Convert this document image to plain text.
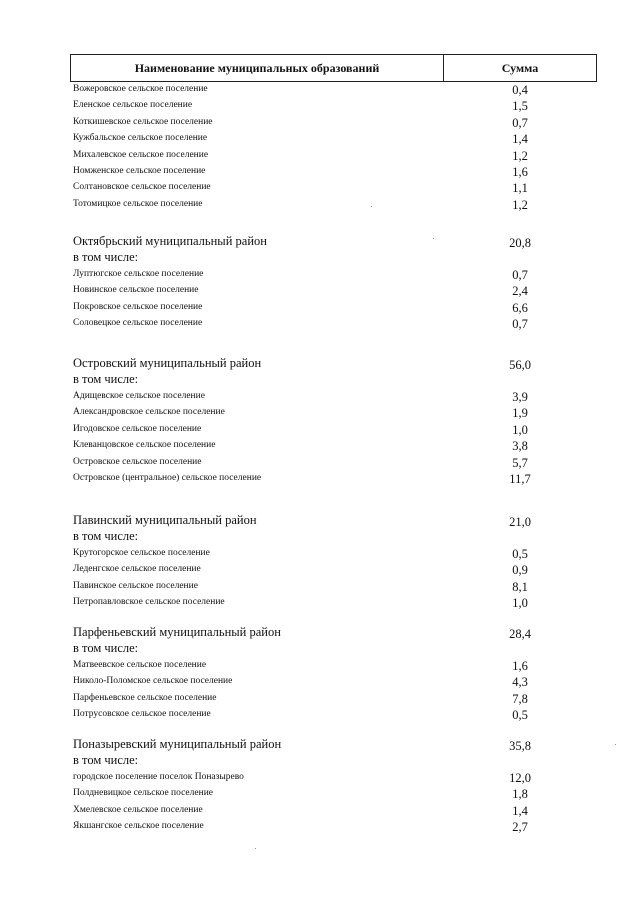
Наименование муниципальных образований	Сумма
Вожеровское сельское поселение	0,4
Еленское сельское поселение	1,5
Коткишевское сельское поселение	0,7
Кужбальское сельское поселение	1,4
Михалевское сельское поселение	1,2
Номженское сельское поселение	1,6
Солтановское сельское поселение	1,1
Тотомицкое сельское поселение	1,2
Октябрьский муниципальный район	20,8
в том числе:
Луптюгское сельское поселение	0,7
Новинское сельское поселение	2,4
Покровское сельское поселение	6,6
Соловецкое сельское поселение	0,7
Островский муниципальный район	56,0
в том числе:
Адищевское сельское поселение	3,9
Александровское сельское поселение	1,9
Игодовское сельское поселение	1,0
Клеванцовское сельское поселение	3,8
Островское сельское поселение	5,7
Островское (центральное) сельское поселение	11,7
Павинский муниципальный район	21,0
в том числе:
Крутогорское сельское поселение	0,5
Леденгское сельское поселение	0,9
Павинское сельское поселение	8,1
Петропавловское сельское поселение	1,0
Парфеньевский муниципальный район	28,4
в том числе:
Матвеевское сельское поселение	1,6
Николо-Поломское сельское поселение	4,3
Парфеньевское сельское поселение	7,8
Потрусовское сельское поселение	0,5
Поназыревский муниципальный район	35,8
в том числе:
городское поселение поселок Поназырево	12,0
Полдневицкое сельское поселение	1,8
Хмелевское сельское поселение	1,4
Якшангское сельское поселение	2,7
